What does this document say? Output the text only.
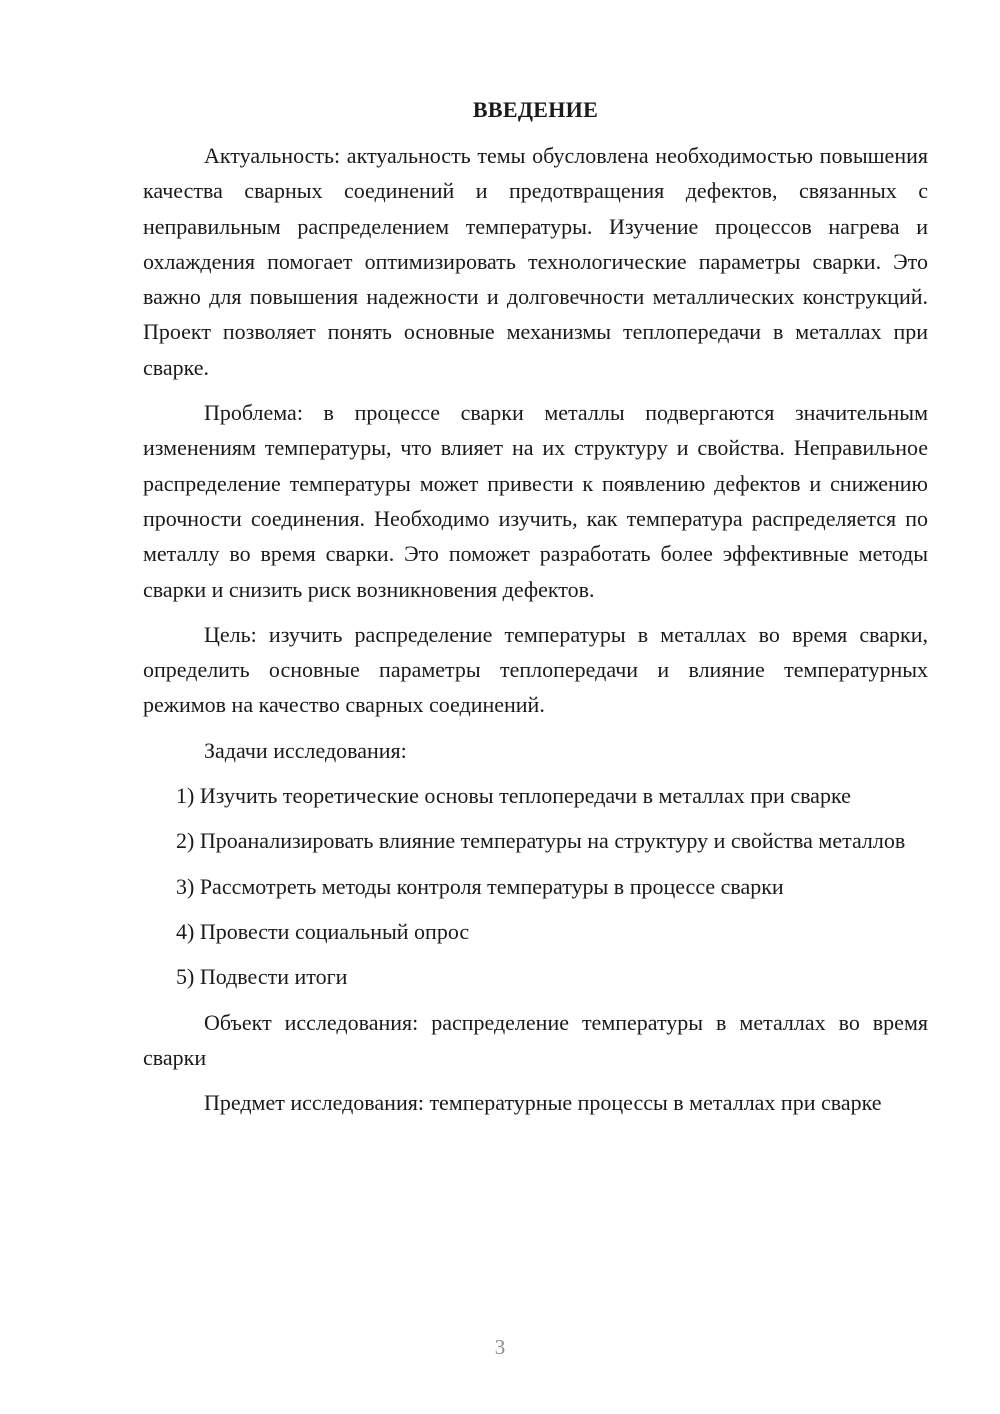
ВВЕДЕНИЕ

Актуальность: актуальность темы обусловлена необходимостью повышения качества сварных соединений и предотвращения дефектов, связанных с неправильным распределением температуры. Изучение процессов нагрева и охлаждения помогает оптимизировать технологические параметры сварки. Это важно для повышения надежности и долговечности металлических конструкций. Проект позволяет понять основные механизмы теплопередачи в металлах при сварке.

Проблема: в процессе сварки металлы подвергаются значительным изменениям температуры, что влияет на их структуру и свойства. Неправильное распределение температуры может привести к появлению дефектов и снижению прочности соединения. Необходимо изучить, как температура распределяется по металлу во время сварки. Это поможет разработать более эффективные методы сварки и снизить риск возникновения дефектов.

Цель: изучить распределение температуры в металлах во время сварки, определить основные параметры теплопередачи и влияние температурных режимов на качество сварных соединений.

Задачи исследования:

1) Изучить теоретические основы теплопередачи в металлах при сварке

2) Проанализировать влияние температуры на структуру и свойства металлов

3) Рассмотреть методы контроля температуры в процессе сварки

4) Провести социальный опрос

5) Подвести итоги

Объект исследования: распределение температуры в металлах во время сварки

Предмет исследования: температурные процессы в металлах при сварке

3
